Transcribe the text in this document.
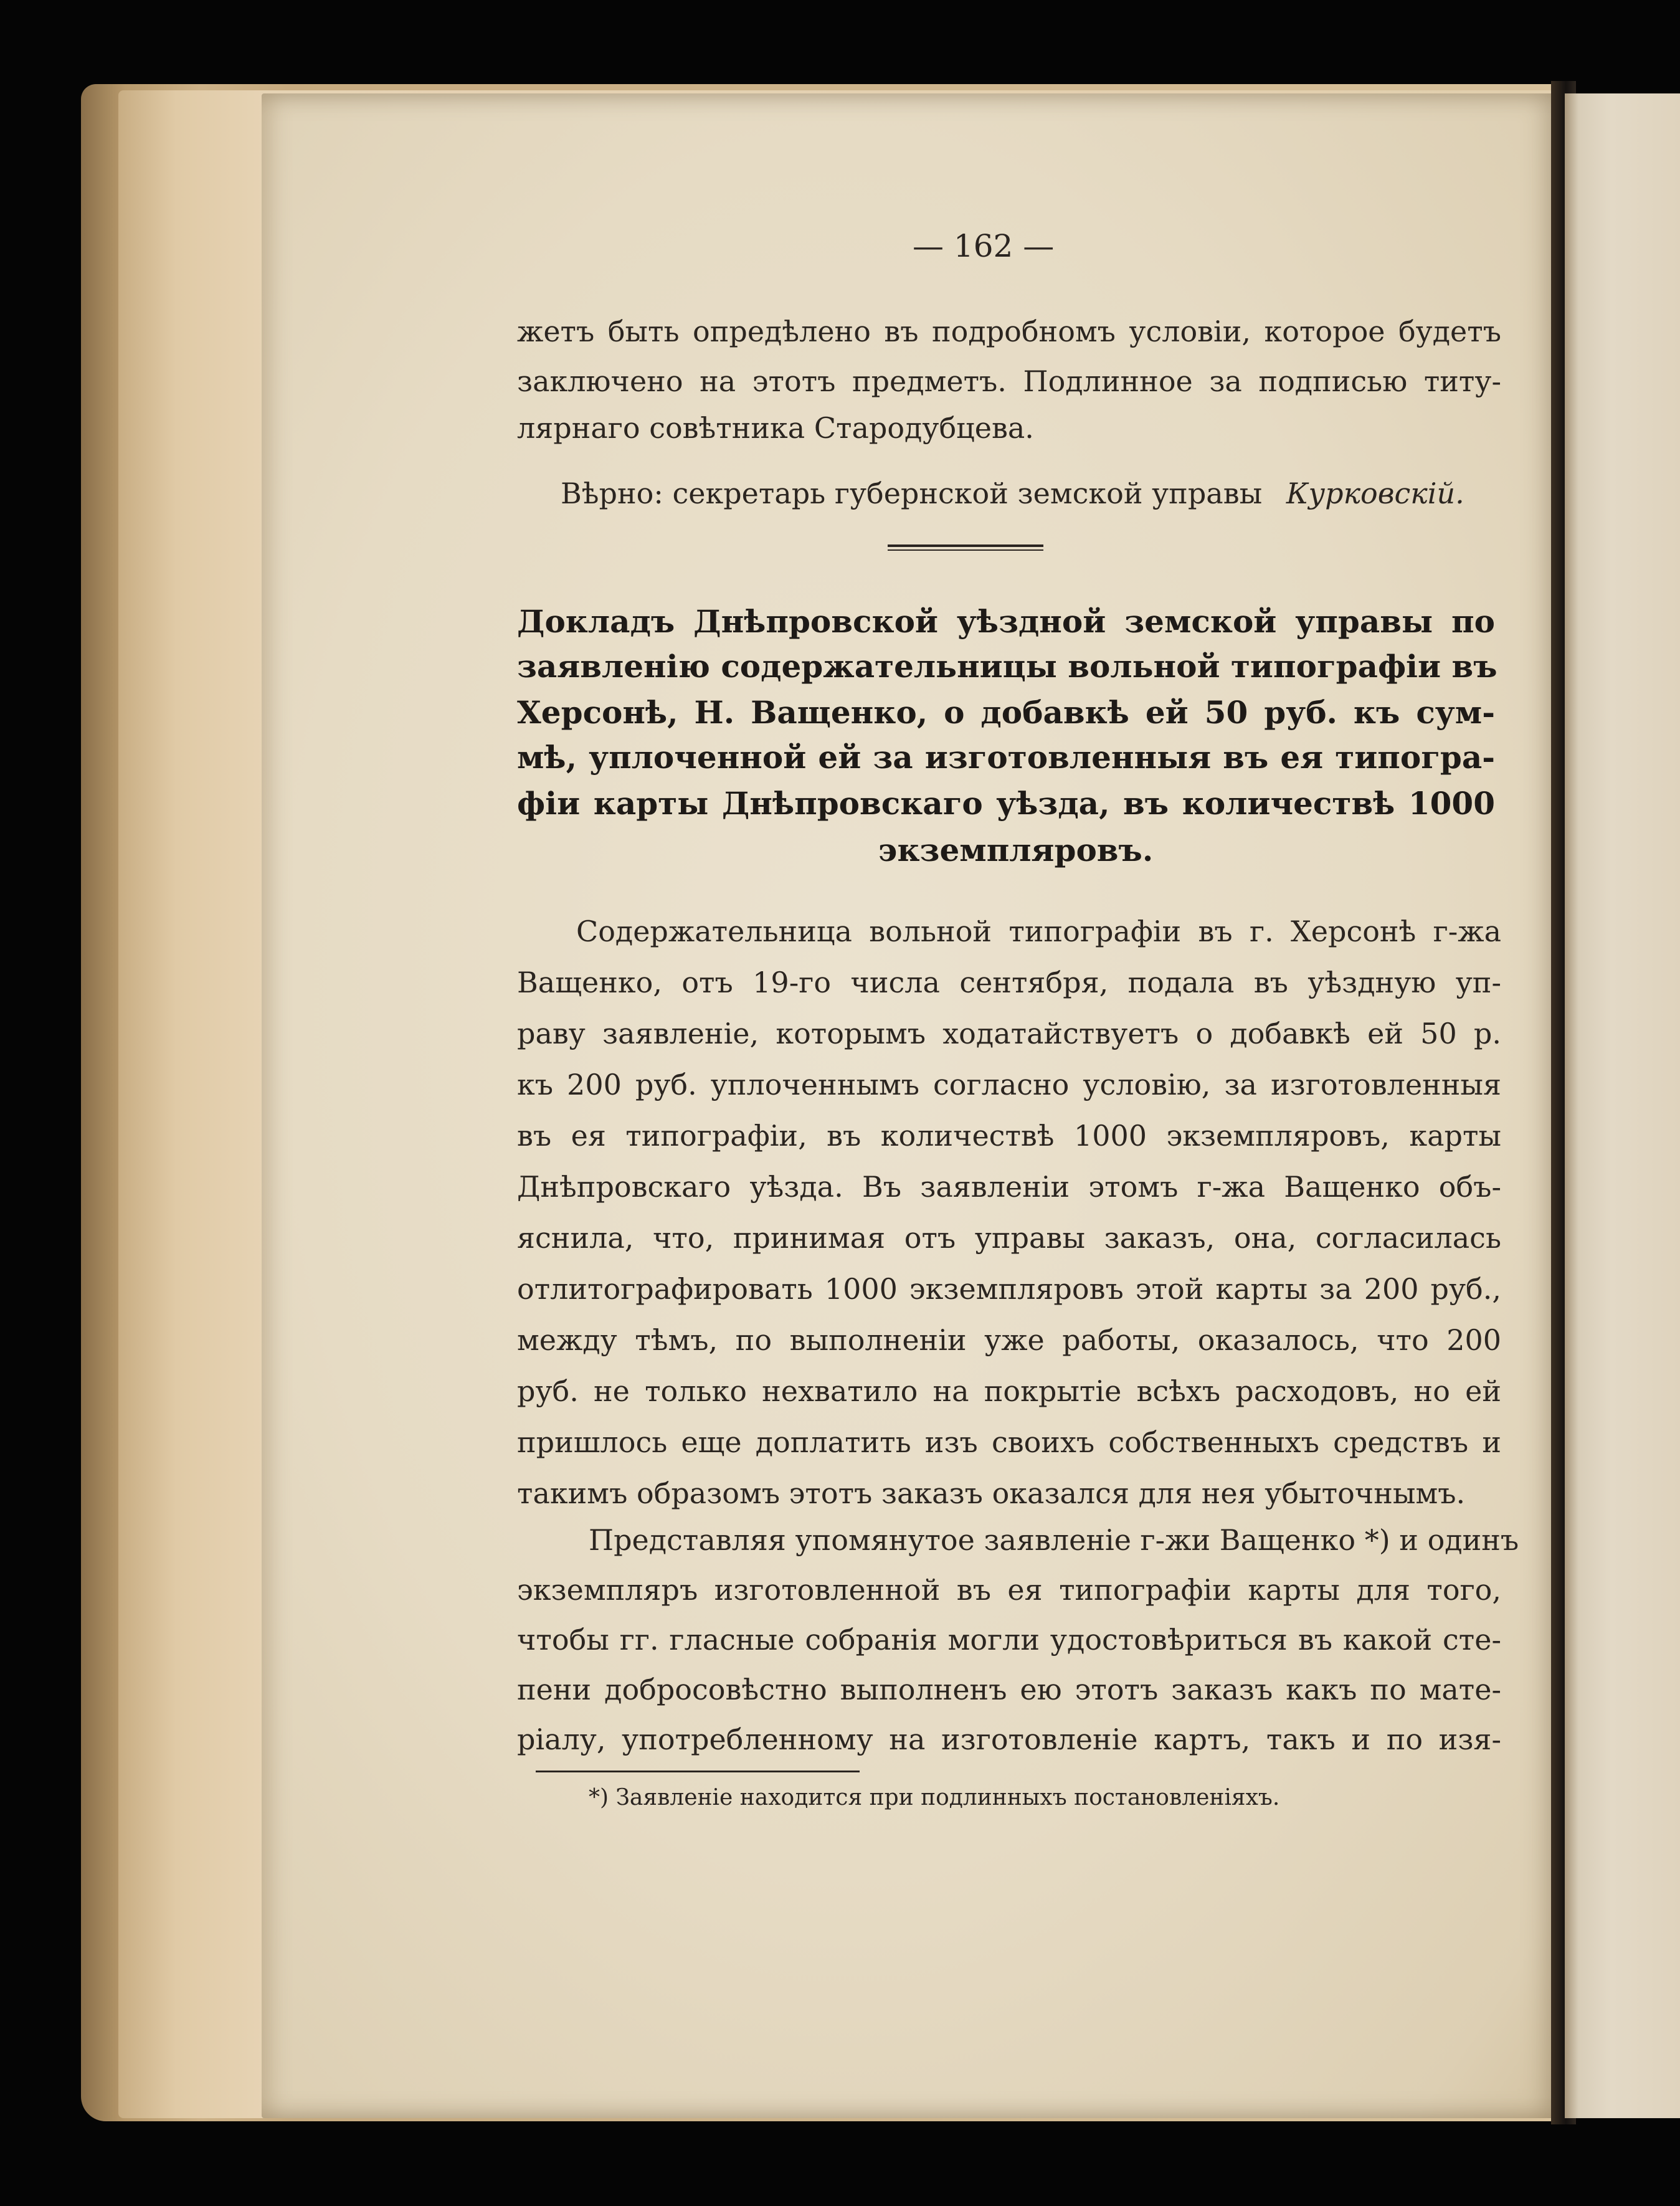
— 162 —
жетъ быть опредѣлено въ подробномъ условіи, которое будетъ
заключено на этотъ предметъ. Подлинное за подписью титу-
лярнаго совѣтника Стародубцева.
Вѣрно: секретарь губернской земской управы Курковскій.
Докладъ Днѣпровской уѣздной земской управы по
заявленію содержательницы вольной типографіи въ
Херсонѣ, Н. Ващенко, о добавкѣ ей 50 руб. къ сум-
мѣ, уплоченной ей за изготовленныя въ ея типогра-
фіи карты Днѣпровскаго уѣзда, въ количествѣ 1000
экземпляровъ.
Содержательница вольной типографіи въ г. Херсонѣ г-жа
Ващенко, отъ 19-го числа сентября, подала въ уѣздную уп-
раву заявленіе, которымъ ходатайствуетъ о добавкѣ ей 50 р.
къ 200 руб. уплоченнымъ согласно условію, за изготовленныя
въ ея типографіи, въ количествѣ 1000 экземпляровъ, карты
Днѣпровскаго уѣзда. Въ заявленіи этомъ г-жа Ващенко объ-
яснила, что, принимая отъ управы заказъ, она, согласилась
отлитографировать 1000 экземпляровъ этой карты за 200 руб.,
между тѣмъ, по выполненіи уже работы, оказалось, что 200
руб. не только нехватило на покрытіе всѣхъ расходовъ, но ей
пришлось еще доплатить изъ своихъ собственныхъ средствъ и
такимъ образомъ этотъ заказъ оказался для нея убыточнымъ.
Представляя упомянутое заявленіе г-жи Ващенко *) и одинъ
экземпляръ изготовленной въ ея типографіи карты для того,
чтобы гг. гласные собранія могли удостовѣриться въ какой сте-
пени добросовѣстно выполненъ ею этотъ заказъ какъ по мате-
ріалу, употребленному на изготовленіе картъ, такъ и по изя-
*) Заявленіе находится при подлинныхъ постановленіяхъ.
